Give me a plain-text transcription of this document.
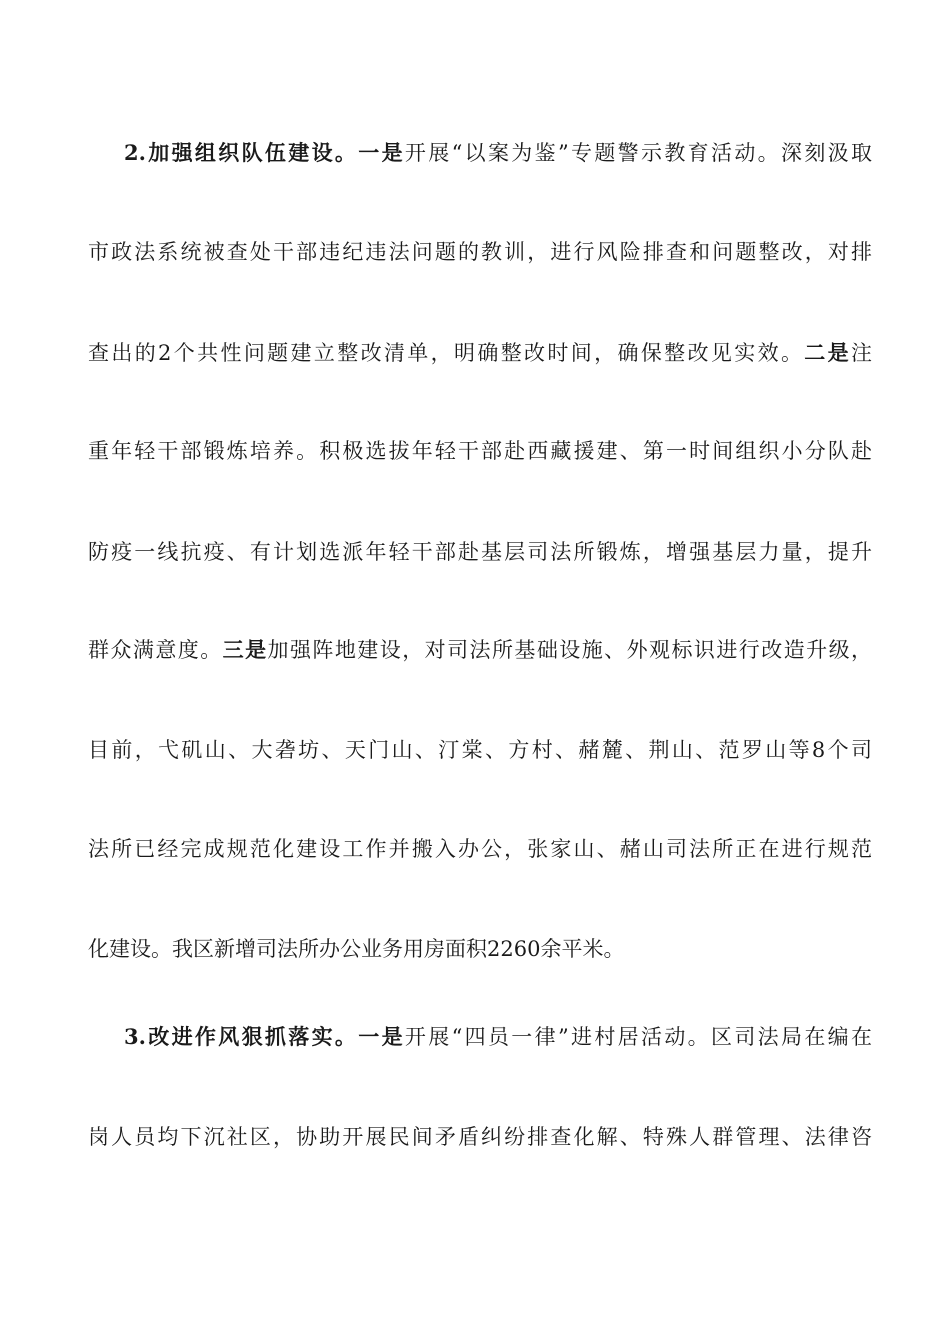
2.加强组织队伍建设。一是开展“以案为鉴”专题警示教育活动。深刻汲取
市政法系统被查处干部违纪违法问题的教训，进行风险排查和问题整改，对排
查出的2个共性问题建立整改清单，明确整改时间，确保整改见实效。二是注
重年轻干部锻炼培养。积极选拔年轻干部赴西藏援建、第一时间组织小分队赴
防疫一线抗疫、有计划选派年轻干部赴基层司法所锻炼，增强基层力量，提升
群众满意度。三是加强阵地建设，对司法所基础设施、外观标识进行改造升级，
目前，弋矶山、大砻坊、天门山、汀棠、方村、赭麓、荆山、范罗山等8个司
法所已经完成规范化建设工作并搬入办公，张家山、赭山司法所正在进行规范
化建设。我区新增司法所办公业务用房面积2260余平米。
3.改进作风狠抓落实。一是开展“四员一律”进村居活动。区司法局在编在
岗人员均下沉社区，协助开展民间矛盾纠纷排查化解、特殊人群管理、法律咨
